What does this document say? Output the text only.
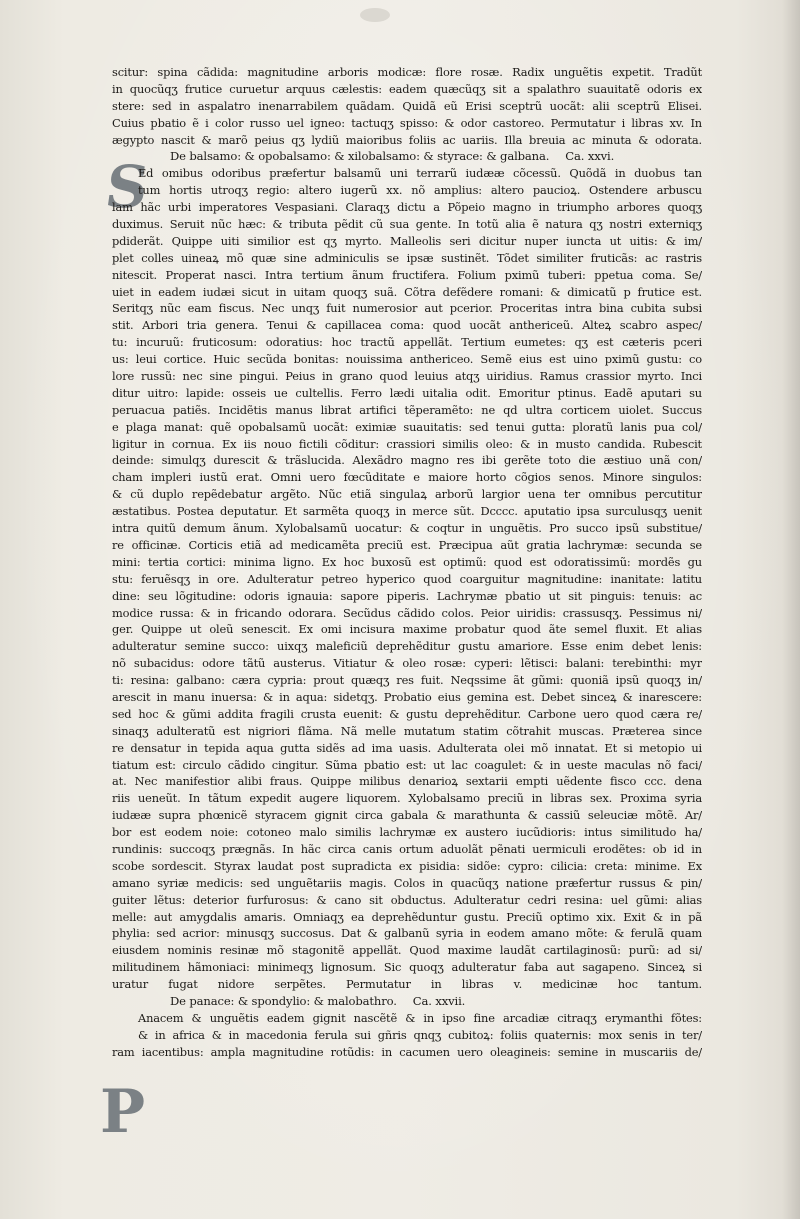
S
P
scitur: spina cãdida: magnitudine arboris modicæ: flore rosæ. Radix unguẽtis expetit. Tradũt
in quocũqʒ frutice curuetur arquus cælestis: eadem quæcũqʒ sit a spalathro suauitatẽ odoris ex
stere: sed in aspalatro inenarrabilem quãdam. Quidã eũ Erisi sceptrũ uocãt: alii sceptrũ Elisei.
Cuius pbatio ẽ i color russo uel igneo: tactuqʒ spisso: & odor castoreo. Permutatur i libras xv. In
ægypto nascit & marõ peius qʒ lydiũ maioribus foliis ac uariis. Illa breuia ac minuta & odorata.
De balsamo: & opobalsamo: & xilobalsamo: & styrace: & galbana. Ca. xxvi.
Ed omibus odoribus præfertur balsamũ uni terrarũ iudææ cõcessũ. Quõdã in duobus tan
tum hortis utroqʒ regio: altero iugerũ xx. nõ amplius: altero paucioꝝ. Ostendere arbuscu
lam hãc urbi imperatores Vespasiani. Claraqʒ dictu a Põpeio magno in triumpho arbores quoqʒ
duximus. Seruit nũc hæc: & tributa pẽdit cũ sua gente. In totũ alia ẽ natura qʒ nostri externiqʒ
pdiderãt. Quippe uiti similior est qʒ myrto. Malleolis seri dicitur nuper iuncta ut uitis: & im/
plet colles uineaꝝ mõ quæ sine adminiculis se ipsæ sustinẽt. Tõdet similiter fruticãs: ac rastris
nitescit. Properat nasci. Intra tertium ãnum fructifera. Folium pximũ tuberi: ppetua coma. Se/
uiet in eadem iudæi sicut in uitam quoqʒ suã. Cõtra defẽdere romani: & dimicatũ p frutice est.
Seritqʒ nũc eam fiscus. Nec unqʒ fuit numerosior aut pcerior. Proceritas intra bina cubita subsi
stit. Arbori tria genera. Tenui & capillacea coma: quod uocãt anthericeũ. Alteꝝ scabro aspec/
tu: incuruũ: fruticosum: odoratius: hoc tractũ appellãt. Tertium eumetes: qʒ est cæteris pceri
us: leui cortice. Huic secũda bonitas: nouissima anthericeo. Semẽ eius est uino pximũ gustu: co
lore russũ: nec sine pingui. Peius in grano quod leuius atqʒ uiridius. Ramus crassior myrto. Inci
ditur uitro: lapide: osseis ue cultellis. Ferro lædi uitalia odit. Emoritur ptinus. Eadẽ aputari su
peruacua patiẽs. Incidẽtis manus librat artifici tẽperamẽto: ne qd ultra corticem uiolet. Succus
e plaga manat: quẽ opobalsamũ uocãt: eximiæ suauitatis: sed tenui gutta: ploratũ lanis pua col/
ligitur in cornua. Ex iis nouo fictili cõditur: crassiori similis oleo: & in musto candida. Rubescit
deinde: simulqʒ durescit & trãslucida. Alexãdro magno res ibi gerẽte toto die æstiuo unã con/
cham impleri iustũ erat. Omni uero fœcũditate e maiore horto cõgios senos. Minore singulos:
& cũ duplo repẽdebatur argẽto. Nũc etiã singulaꝝ arborũ largior uena ter omnibus percutitur
æstatibus. Postea deputatur. Et sarmẽta quoqʒ in merce sũt. Dcccc. aputatio ipsa surculusqʒ uenit
intra quitũ demum ãnum. Xylobalsamũ uocatur: & coqtur in unguẽtis. Pro succo ipsũ substitue/
re officinæ. Corticis etiã ad medicamẽta preciũ est. Præcipua aũt gratia lachrymæ: secunda se
mini: tertia cortici: minima ligno. Ex hoc buxosũ est optimũ: quod est odoratissimũ: mordẽs gu
stu: feruẽsqʒ in ore. Adulteratur petreo hyperico quod coarguitur magnitudine: inanitate: latitu
dine: seu lõgitudine: odoris ignauia: sapore piperis. Lachrymæ pbatio ut sit pinguis: tenuis: ac
modice russa: & in fricando odorara. Secũdus cãdido colos. Peior uiridis: crassusqʒ. Pessimus ni/
ger. Quippe ut oleũ senescit. Ex omi incisura maxime probatur quod ãte semel fluxit. Et alias
adulteratur semine succo: uixqʒ maleficiũ deprehẽditur gustu amariore. Esse enim debet lenis:
nõ subacidus: odore tãtũ austerus. Vitiatur & oleo rosæ: cyperi: lẽtisci: balani: terebinthi: myr
ti: resina: galbano: cæra cypria: prout quæqʒ res fuit. Neqssime ãt gũmi: quoniã ipsũ quoqʒ in/
arescit in manu inuersa: & in aqua: sidetqʒ. Probatio eius gemina est. Debet sinceꝝ & inarescere:
sed hoc & gũmi addita fragili crusta euenit: & gustu deprehẽditur. Carbone uero quod cæra re/
sinaqʒ adulteratũ est nigriori flãma. Nã melle mutatum statim cõtrahit muscas. Præterea since
re densatur in tepida aqua gutta sidẽs ad ima uasis. Adulterata olei mõ innatat. Et si metopio ui
tiatum est: circulo cãdido cingitur. Sũma pbatio est: ut lac coagulet: & in ueste maculas nõ faci/
at. Nec manifestior alibi fraus. Quippe milibus denarioꝝ sextarii empti uẽdente fisco ccc. dena
riis ueneũt. In tãtum expedit augere liquorem. Xylobalsamo preciũ in libras sex. Proxima syria
iudææ supra phœnicẽ styracem gignit circa gabala & marathunta & cassiũ seleuciæ mõtẽ. Ar/
bor est eodem noie: cotoneo malo similis lachrymæ ex austero iucũdioris: intus similitudo ha/
rundinis: succoqʒ prægnãs. In hãc circa canis ortum aduolãt pẽnati uermiculi erodẽtes: ob id in
scobe sordescit. Styrax laudat post supradicta ex pisidia: sidõe: cypro: cilicia: creta: minime. Ex
amano syriæ medicis: sed unguẽtariis magis. Colos in quacũqʒ natione præfertur russus & pin/
guiter lẽtus: deterior furfurosus: & cano sit obductus. Adulteratur cedri resina: uel gũmi: alias
melle: aut amygdalis amaris. Omniaqʒ ea deprehẽduntur gustu. Preciũ optimo xix. Exit & in pã
phylia: sed acrior: minusqʒ succosus. Dat & galbanũ syria in eodem amano mõte: & ferulã quam
eiusdem nominis resinæ mõ stagonitẽ appellãt. Quod maxime laudãt cartilaginosũ: purũ: ad si/
militudinem hãmoniaci: minimeqʒ lignosum. Sic quoqʒ adulteratur faba aut sagapeno. Sinceꝝ si
uratur fugat nidore serpẽtes. Permutatur in libras v. medicinæ hoc tantum.
De panace: & spondylio: & malobathro. Ca. xxvii.
Anacem & unguẽtis eadem gignit nascẽtẽ & in ipso fine arcadiæ citraqʒ erymanthi fõtes:
& in africa & in macedonia ferula sui gñris qnqʒ cubitoꝝ: foliis quaternis: mox senis in ter/
ram iacentibus: ampla magnitudine rotũdis: in cacumen uero oleagineis: semine in muscariis de/
